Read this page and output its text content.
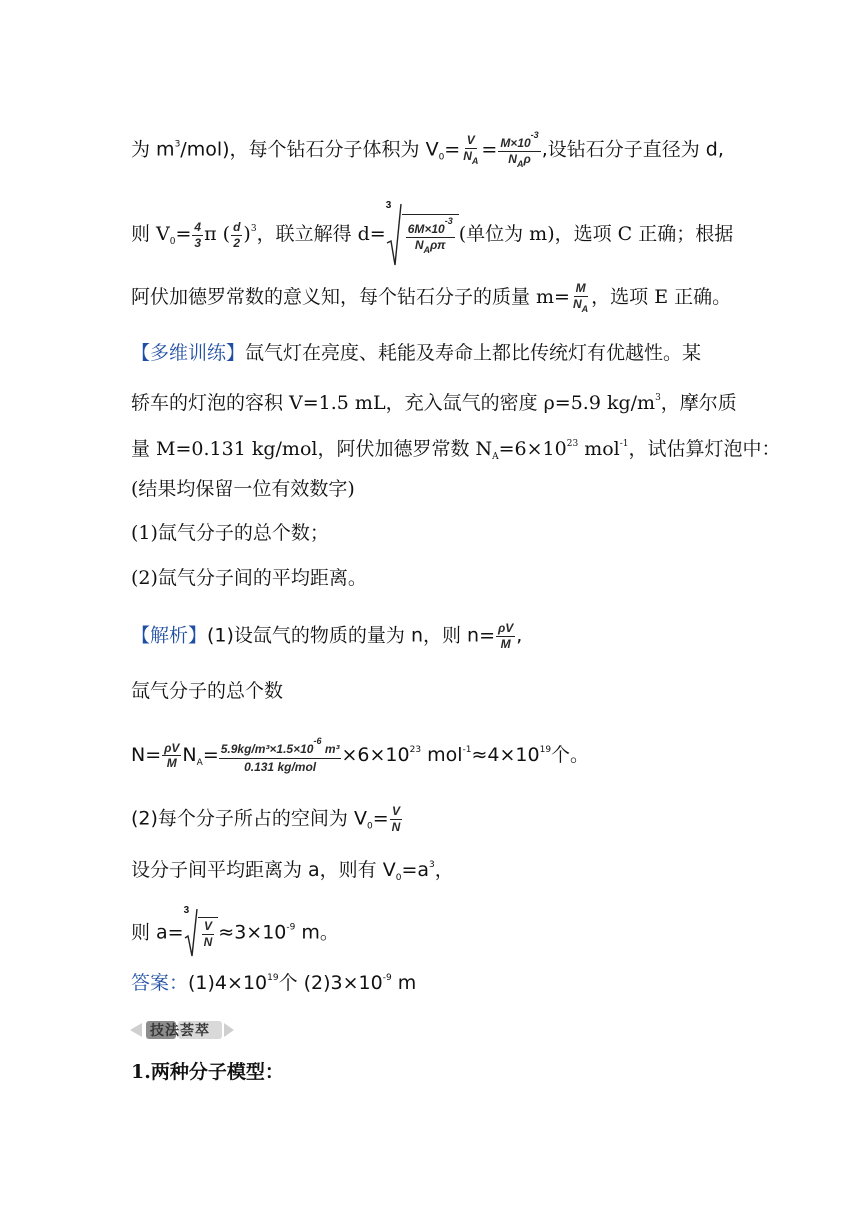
为 $m^3/mol$)，每个钻石分子体积为 $V_0= \frac{V}{N_A} = M\times 10^{-3}$
$N_A\rho$ ,设钻石分子直径为 d,
则 $V_0= \frac{4}{3}$ π ( $\frac{d}{2} )^3$，联立解得 d=
3
$6M\times 10^{-3}$
$N_A\rho\pi$
(单位为 m)，选项 C 正确；根据
阿伏加德罗常数的意义知，每个钻石分子的质量 $m= \frac{M}{N_A}$ ，选项 E 正确。
【多维训练】氙气灯在亮度、耗能及寿命上都比传统灯有优越性。某
轿车的灯泡的容积 V=1.5 mL，充入氙气的密度 ρ=5.9 $kg/m^3$，摩尔质
量 M=0.131 kg/mol，阿伏加德罗常数 $N_A=6\times 10^{23}$ mol$^{-1}$，试估算灯泡中：
(结果均保留一位有效数字)
(1)氙气分子的总个数；
(2)氙气分子间的平均距离。
【解析】(1)设氙气的物质的量为 n，则 $n= \frac{\rho V}{M}$ ,
氙气分子的总个数
$N= \frac{\rho V}{M} N_A= 5.9kg/m^3\times 1.5\times 10^{-6}$ m³
0.131 kg/mol
$\times 6\times 10^{23}$ $mol^{-1}\approx 4\times 10^{19}$个。
(2)每个分子所占的空间为 $V_0= \frac{V}{N}$
设分子间平均距离为 a，则有 $V_0=a^3$，
则 a=
3
$\frac{V}{N} \approx 3\times 10^{-9}$ m。
答案：$(1)4\times 10^{19}$个 $(2)3\times 10^{-9}$ m
技法荟萃
1.两种分子模型：
